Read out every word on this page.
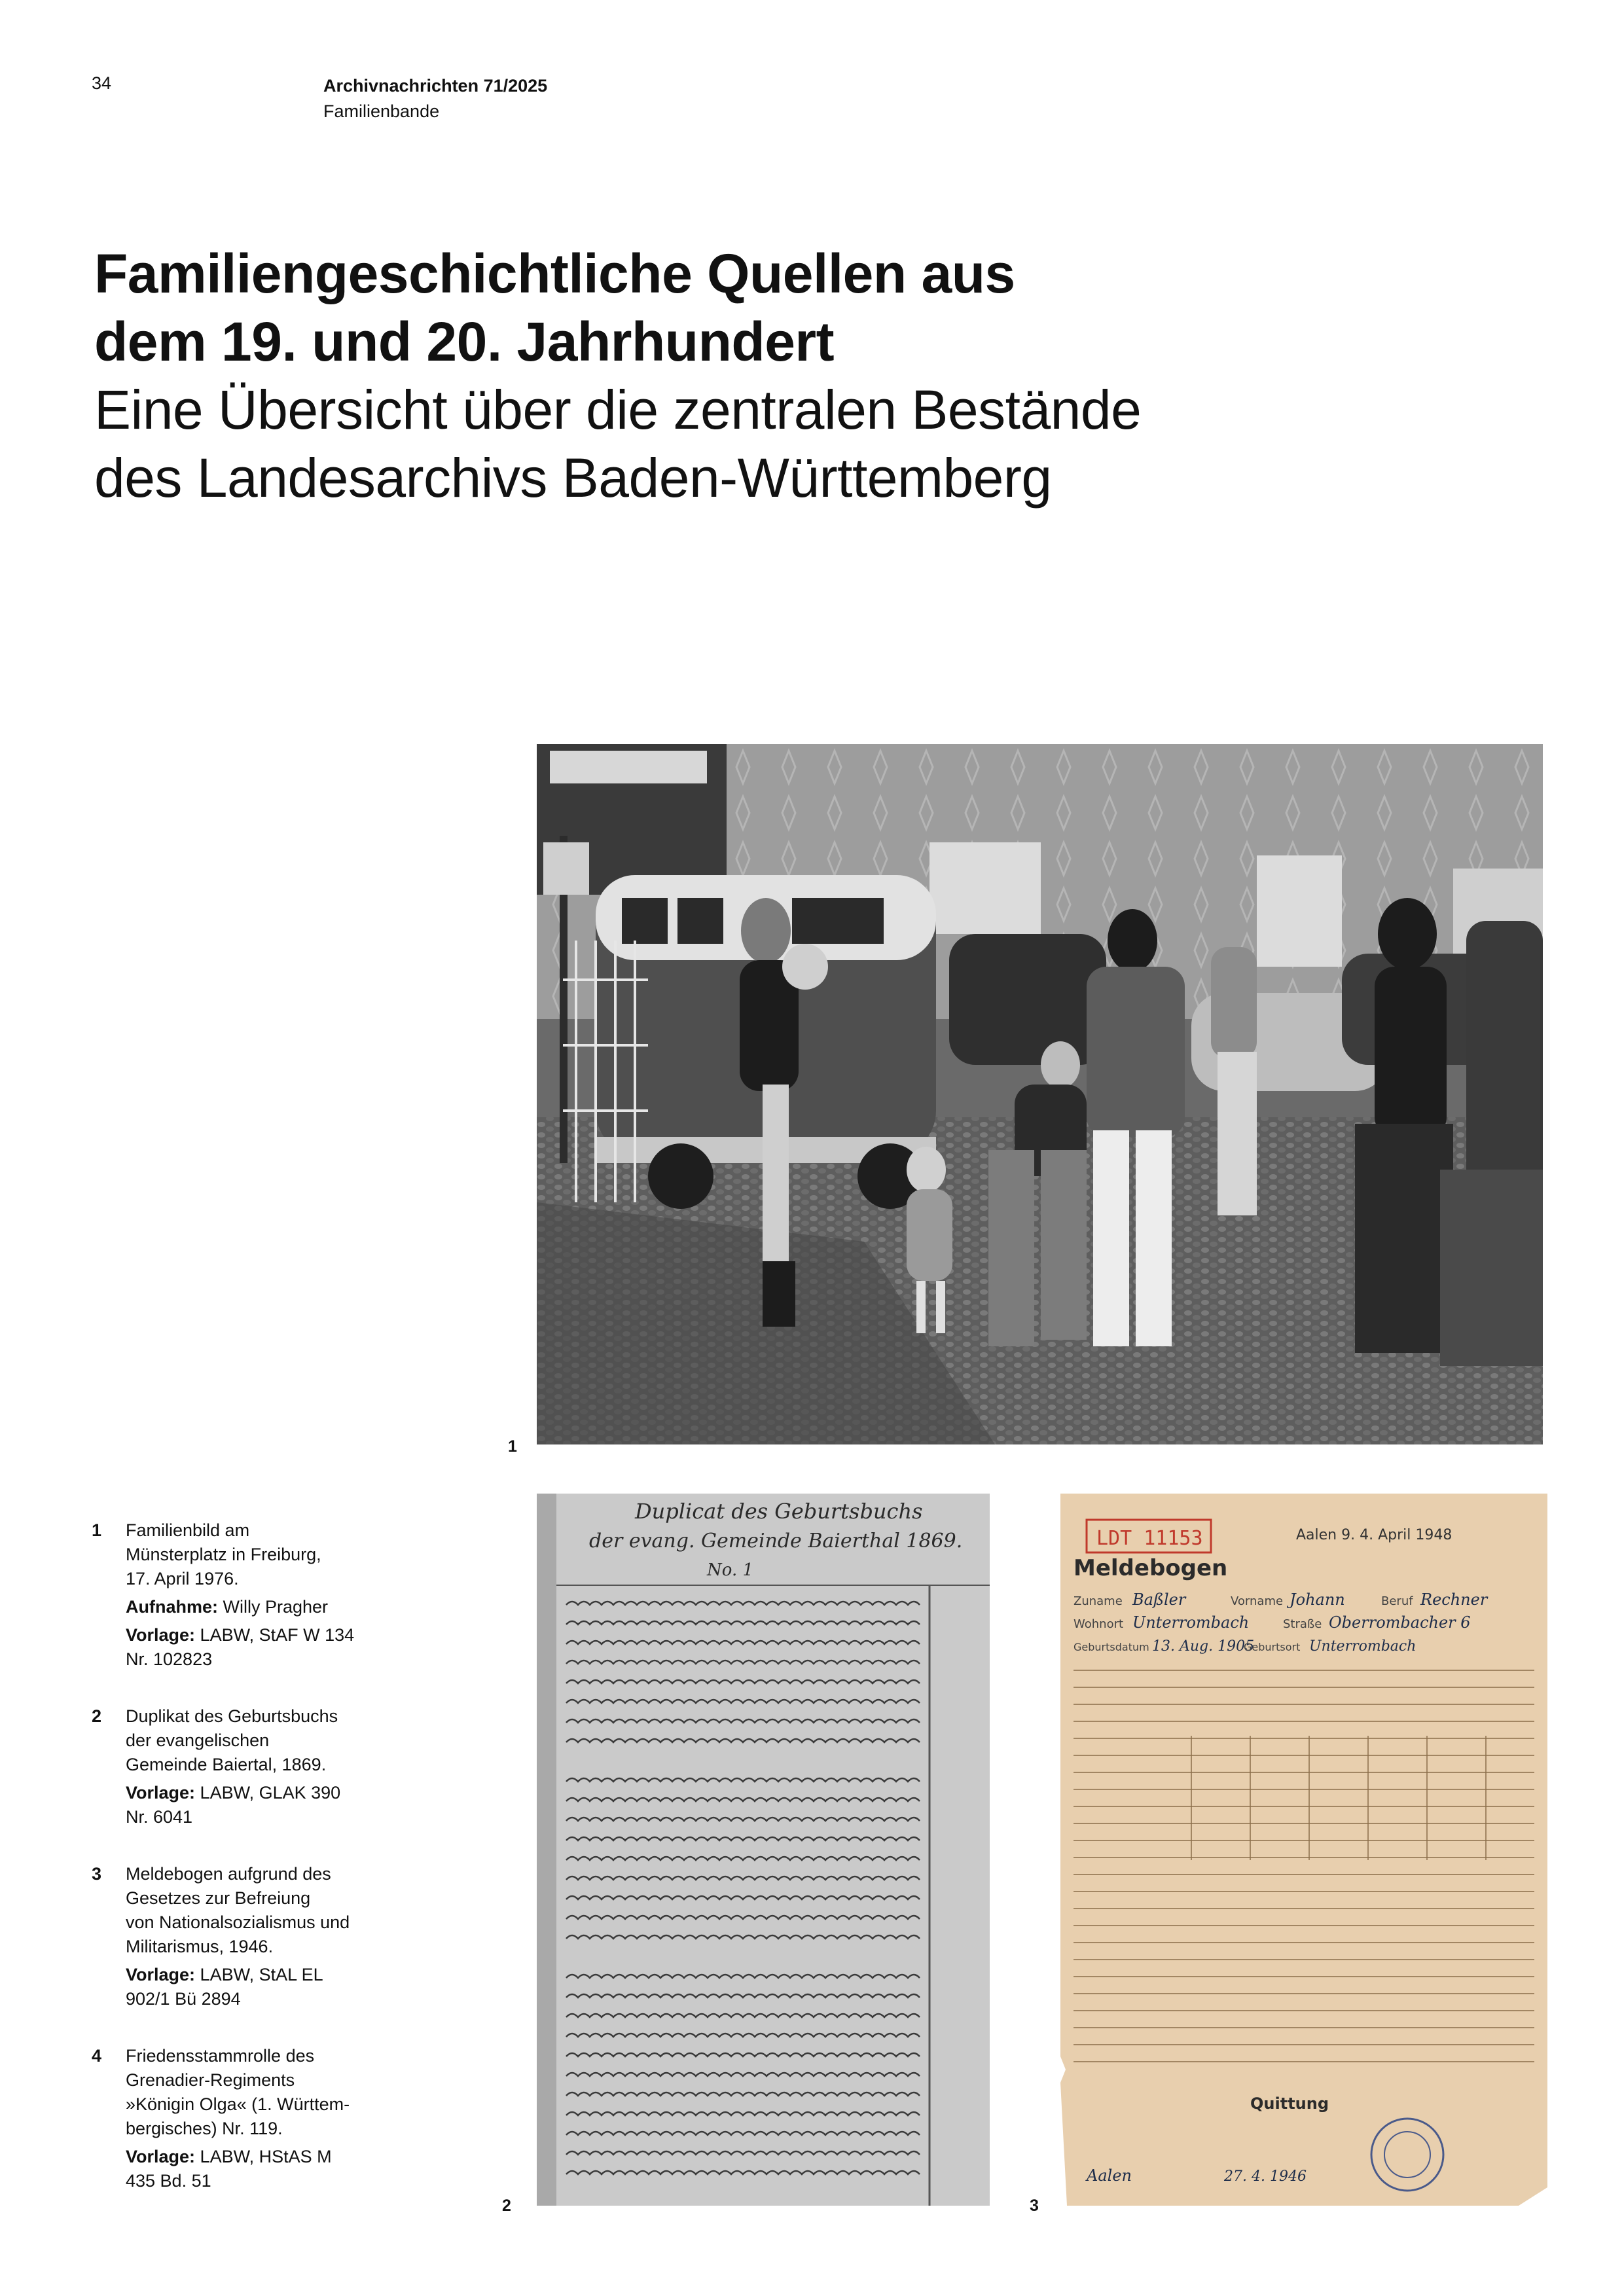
34	Archivnachrichten 71/2025
Familienbande
Familiengeschichtliche Quellen aus
dem 19. und 20. Jahrhundert
Eine Übersicht über die zentralen Bestände
des Landesarchivs Baden-Württemberg
1
Duplicat des Geburtsbuchs
der evang. Gemeinde Baierthal 1869.
No. 1
2
LDT 11153	Aalen 9. 4. April 1948
Meldebogen
Zuname Baßler	Vorname Johann	Beruf Rechner
Wohnort Unterrombach	Straße Oberrombacher 6
Geburtsdatum 13. Aug. 1905
Geburtsort Unterrombach
Quittung
Aalen	27. 4. 1946
3
1	Familienbild am
Münsterplatz in Freiburg,
17. April 1976.

Aufnahme: Willy Pragher

Vorlage: LABW, StAF W 134
Nr. 102823

2	Duplikat des Geburtsbuchs
der evangelischen
Gemeinde Baiertal, 1869.

Vorlage: LABW, GLAK 390
Nr. 6041

3	Meldebogen aufgrund des
Gesetzes zur Befreiung
von Nationalsozialismus und
Militarismus, 1946.

Vorlage: LABW, StAL EL
902/1 Bü 2894

4	Friedensstammrolle des
Grenadier-Regiments
»Königin Olga« (1. Württem-
bergisches) Nr. 119.

Vorlage: LABW, HStAS M
435 Bd. 51
